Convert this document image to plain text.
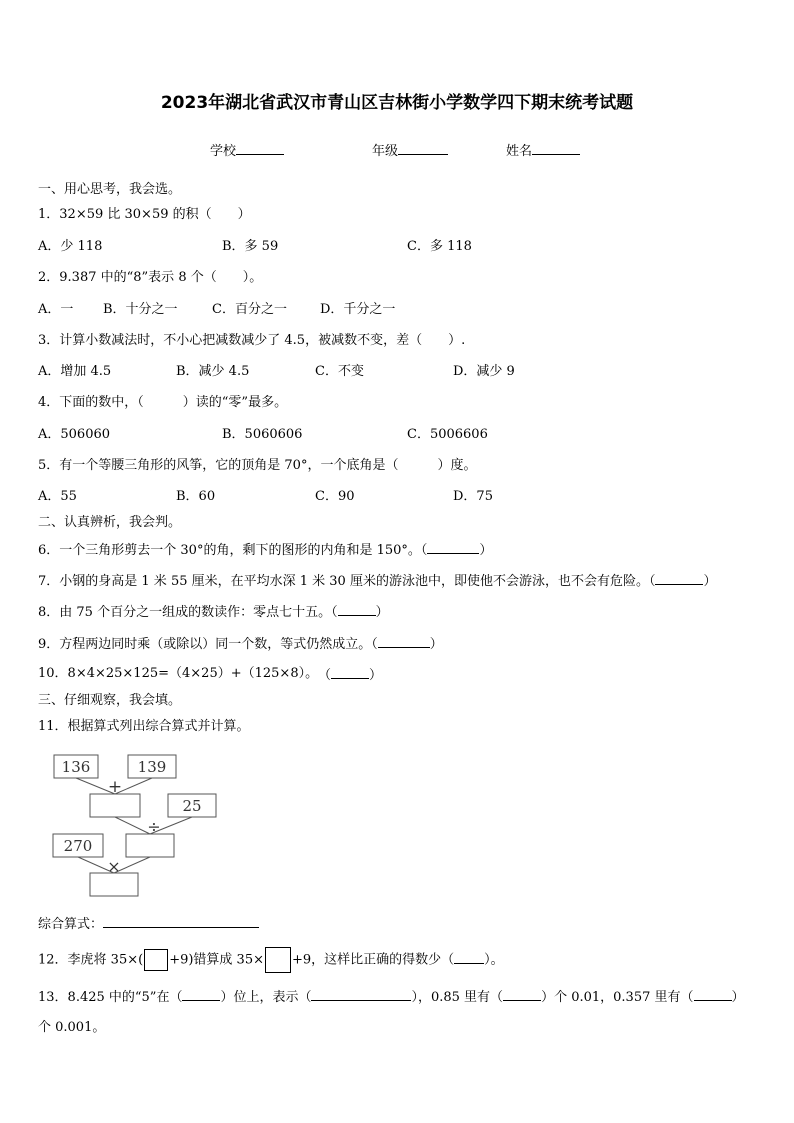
2023年湖北省武汉市青山区吉林街小学数学四下期末统考试题
学校	年级	姓名
一、用心思考，我会选。
1．32×59 比 30×59 的积（　　）
A．少 118	B．多 59	C．多 118
2．9.387 中的“8”表示 8 个（　　）。
A．一 B．十分之一	C．百分之一	D．千分之一
3．计算小数减法时，不小心把减数减少了 4.5，被减数不变，差（　　）.
A．增加 4.5	B．减少 4.5	C．不变	D．减少 9
4．下面的数中，（　　　）读的“零”最多。
A．506060	B．5060606	C．5006606
5．有一个等腰三角形的风筝，它的顶角是 70°，一个底角是（　　　）度。
A．55	B．60	C．90	D．75
二、认真辨析，我会判。
6．一个三角形剪去一个 30°的角，剩下的图形的内角和是 150°。（	）
7．小钢的身高是 1 米 55 厘米，在平均水深 1 米 30 厘米的游泳池中，即使他不会游泳，也不会有危险。（	）
8．由 75 个百分之一组成的数读作：零点七十五。（	）
9．方程两边同时乘（或除以）同一个数，等式仍然成立。（	）
10．8×4×25×125=（4×25）+（125×8）。 （	）
三、仔细观察，我会填。
11．根据算式列出综合算式并计算。
136	139
25
270
+
÷
×
综合算式：
12．李虎将 35×( +9)错算成 35× +9，这样比正确的得数少（ ）。
13．8.425 中的“5”在（	）位上，表示（	），0.85 里有（	）个 0.01，0.357 里有（	）
个 0.001。
